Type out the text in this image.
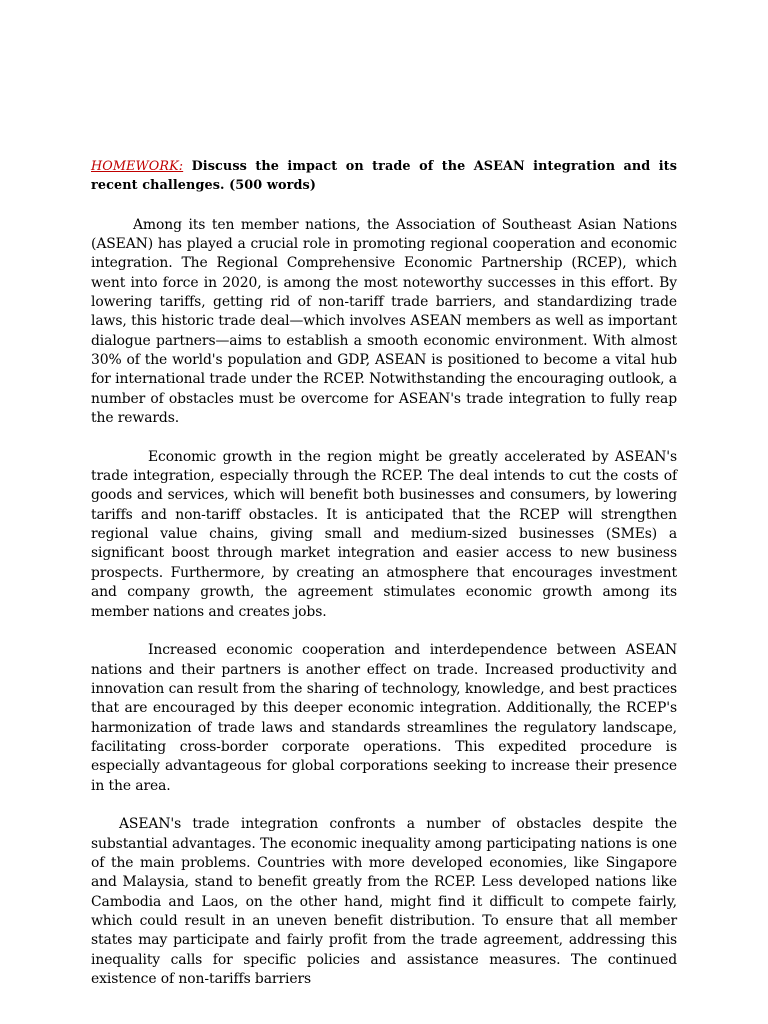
HOMEWORK: Discuss the impact on trade of the ASEAN integration and its recent challenges. (500 words)

Among its ten member nations, the Association of Southeast Asian Nations (ASEAN) has played a crucial role in promoting regional cooperation and economic integration. The Regional Comprehensive Economic Partnership (RCEP), which went into force in 2020, is among the most noteworthy successes in this effort. By lowering tariffs, getting rid of non-tariff trade barriers, and standardizing trade laws, this historic trade deal—which involves ASEAN members as well as important dialogue partners—aims to establish a smooth economic environment. With almost 30% of the world's population and GDP, ASEAN is positioned to become a vital hub for international trade under the RCEP. Notwithstanding the encouraging outlook, a number of obstacles must be overcome for ASEAN's trade integration to fully reap the rewards.

Economic growth in the region might be greatly accelerated by ASEAN's trade integration, especially through the RCEP. The deal intends to cut the costs of goods and services, which will benefit both businesses and consumers, by lowering tariffs and non-tariff obstacles. It is anticipated that the RCEP will strengthen regional value chains, giving small and medium-sized businesses (SMEs) a significant boost through market integration and easier access to new business prospects. Furthermore, by creating an atmosphere that encourages investment and company growth, the agreement stimulates economic growth among its member nations and creates jobs.

Increased economic cooperation and interdependence between ASEAN nations and their partners is another effect on trade. Increased productivity and innovation can result from the sharing of technology, knowledge, and best practices that are encouraged by this deeper economic integration. Additionally, the RCEP's harmonization of trade laws and standards streamlines the regulatory landscape, facilitating cross-border corporate operations. This expedited procedure is especially advantageous for global corporations seeking to increase their presence in the area.

ASEAN's trade integration confronts a number of obstacles despite the substantial advantages. The economic inequality among participating nations is one of the main problems. Countries with more developed economies, like Singapore and Malaysia, stand to benefit greatly from the RCEP. Less developed nations like Cambodia and Laos, on the other hand, might find it difficult to compete fairly, which could result in an uneven benefit distribution. To ensure that all member states may participate and fairly profit from the trade agreement, addressing this inequality calls for specific policies and assistance measures. The continued existence of non-tariffs barriers
